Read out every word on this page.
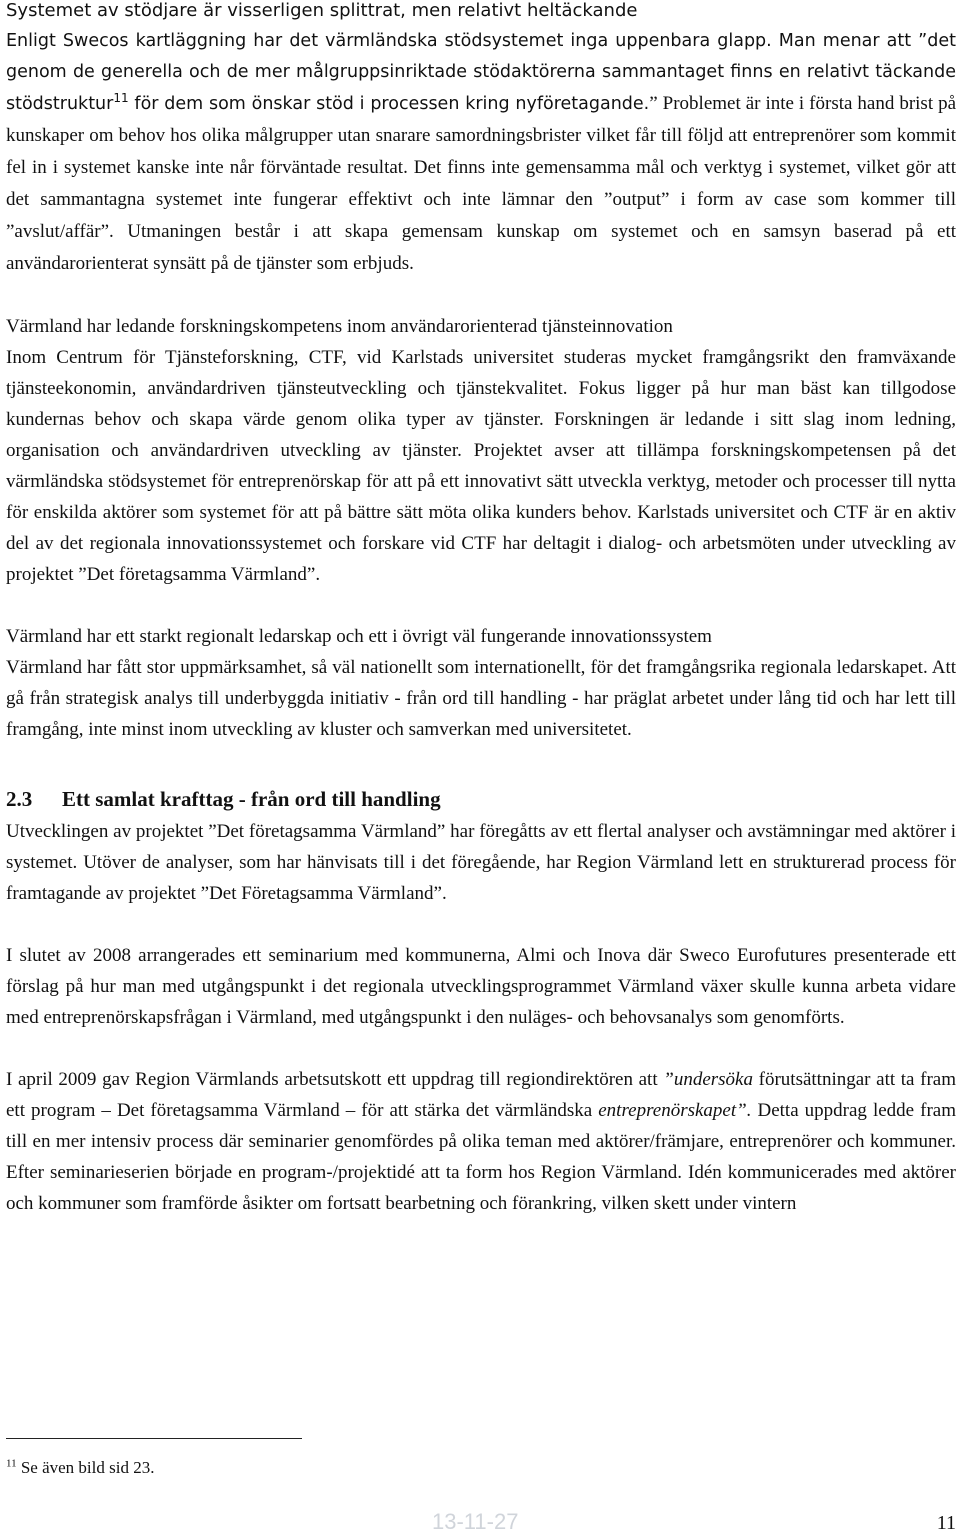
Systemet av stödjare är visserligen splittrat, men relativt heltäckande

Enligt Swecos kartläggning har det värmländska stödsystemet inga uppenbara glapp. Man menar att ”det genom de generella och de mer målgruppsinriktade stödaktörerna sammantaget finns en relativt täckande stödstruktur$^{11}$ för dem som önskar stöd i processen kring nyföretagande.” Problemet är inte i första hand brist på kunskaper om behov hos olika målgrupper utan snarare samordningsbrister vilket får till följd att entreprenörer som kommit fel in i systemet kanske inte når förväntade resultat. Det finns inte gemensamma mål och verktyg i systemet, vilket gör att det sammantagna systemet inte fungerar effektivt och inte lämnar den ”output” i form av case som kommer till ”avslut/affär”. Utmaningen består i att skapa gemensam kunskap om systemet och en samsyn baserad på ett användarorienterat synsätt på de tjänster som erbjuds.

Värmland har ledande forskningskompetens inom användarorienterad tjänsteinnovation

Inom Centrum för Tjänsteforskning, CTF, vid Karlstads universitet studeras mycket framgångsrikt den framväxande tjänsteekonomin, användardriven tjänsteutveckling och tjänstekvalitet. Fokus ligger på hur man bäst kan tillgodose kundernas behov och skapa värde genom olika typer av tjänster. Forskningen är ledande i sitt slag inom ledning, organisation och användardriven utveckling av tjänster. Projektet avser att tillämpa forskningskompetensen på det värmländska stödsystemet för entreprenörskap för att på ett innovativt sätt utveckla verktyg, metoder och processer till nytta för enskilda aktörer som systemet för att på bättre sätt möta olika kunders behov. Karlstads universitet och CTF är en aktiv del av det regionala innovationssystemet och forskare vid CTF har deltagit i dialog- och arbetsmöten under utveckling av projektet ”Det företagsamma Värmland”.

Värmland har ett starkt regionalt ledarskap och ett i övrigt väl fungerande innovationssystem

Värmland har fått stor uppmärksamhet, så väl nationellt som internationellt, för det framgångsrika regionala ledarskapet. Att gå från strategisk analys till underbyggda initiativ - från ord till handling - har präglat arbetet under lång tid och har lett till framgång, inte minst inom utveckling av kluster och samverkan med universitetet.

2.3 Ett samlat krafttag - från ord till handling

Utvecklingen av projektet ”Det företagsamma Värmland” har föregåtts av ett flertal analyser och avstämningar med aktörer i systemet. Utöver de analyser, som har hänvisats till i det föregående, har Region Värmland lett en strukturerad process för framtagande av projektet ”Det Företagsamma Värmland”.

I slutet av 2008 arrangerades ett seminarium med kommunerna, Almi och Inova där Sweco Eurofutures presenterade ett förslag på hur man med utgångspunkt i det regionala utvecklingsprogrammet Värmland växer skulle kunna arbeta vidare med entreprenörskapsfrågan i Värmland, med utgångspunkt i den nuläges- och behovsanalys som genomförts.

I april 2009 gav Region Värmlands arbetsutskott ett uppdrag till regiondirektören att ”undersöka förutsättningar att ta fram ett program – Det företagsamma Värmland – för att stärka det värmländska entreprenörskapet”. Detta uppdrag ledde fram till en mer intensiv process där seminarier genomfördes på olika teman med aktörer/främjare, entreprenörer och kommuner. Efter seminarieserien började en program-/projektidé att ta form hos Region Värmland. Idén kommunicerades med aktörer och kommuner som framförde åsikter om fortsatt bearbetning och förankring, vilken skett under vintern

$^{11}$ Se även bild sid 23.
13-11-27	11
